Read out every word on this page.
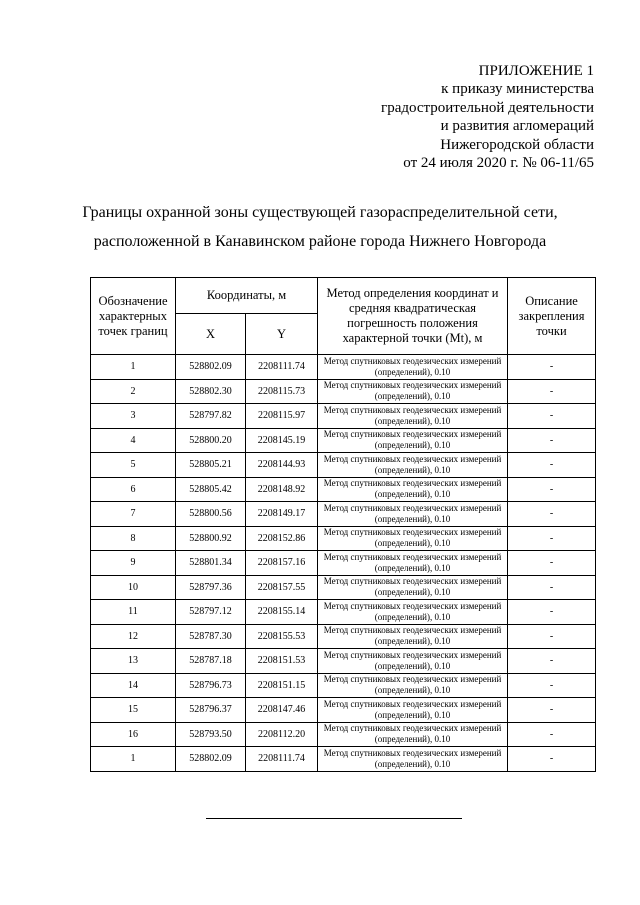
ПРИЛОЖЕНИЕ 1
к приказу министерства
градостроительной деятельности
и развития агломераций
Нижегородской области
от 24 июля 2020 г. № 06-11/65
Границы охранной зоны существующей газораспределительной сети,
расположенной в Канавинском районе города Нижнего Новгорода
Обозначение характерных точек границ	Координаты, м		Метод определения координат и средняя квадратическая погрешность положения характерной точки (Mt), м	Описание закрепления точки
	X	Y		
1	528802.09	2208111.74	Метод спутниковых геодезических измерений (определений), 0.10	-
2	528802.30	2208115.73	Метод спутниковых геодезических измерений (определений), 0.10	-
3	528797.82	2208115.97	Метод спутниковых геодезических измерений (определений), 0.10	-
4	528800.20	2208145.19	Метод спутниковых геодезических измерений (определений), 0.10	-
5	528805.21	2208144.93	Метод спутниковых геодезических измерений (определений), 0.10	-
6	528805.42	2208148.92	Метод спутниковых геодезических измерений (определений), 0.10	-
7	528800.56	2208149.17	Метод спутниковых геодезических измерений (определений), 0.10	-
8	528800.92	2208152.86	Метод спутниковых геодезических измерений (определений), 0.10	-
9	528801.34	2208157.16	Метод спутниковых геодезических измерений (определений), 0.10	-
10	528797.36	2208157.55	Метод спутниковых геодезических измерений (определений), 0.10	-
11	528797.12	2208155.14	Метод спутниковых геодезических измерений (определений), 0.10	-
12	528787.30	2208155.53	Метод спутниковых геодезических измерений (определений), 0.10	-
13	528787.18	2208151.53	Метод спутниковых геодезических измерений (определений), 0.10	-
14	528796.73	2208151.15	Метод спутниковых геодезических измерений (определений), 0.10	-
15	528796.37	2208147.46	Метод спутниковых геодезических измерений (определений), 0.10	-
16	528793.50	2208112.20	Метод спутниковых геодезических измерений (определений), 0.10	-
1	528802.09	2208111.74	Метод спутниковых геодезических измерений (определений), 0.10	-
